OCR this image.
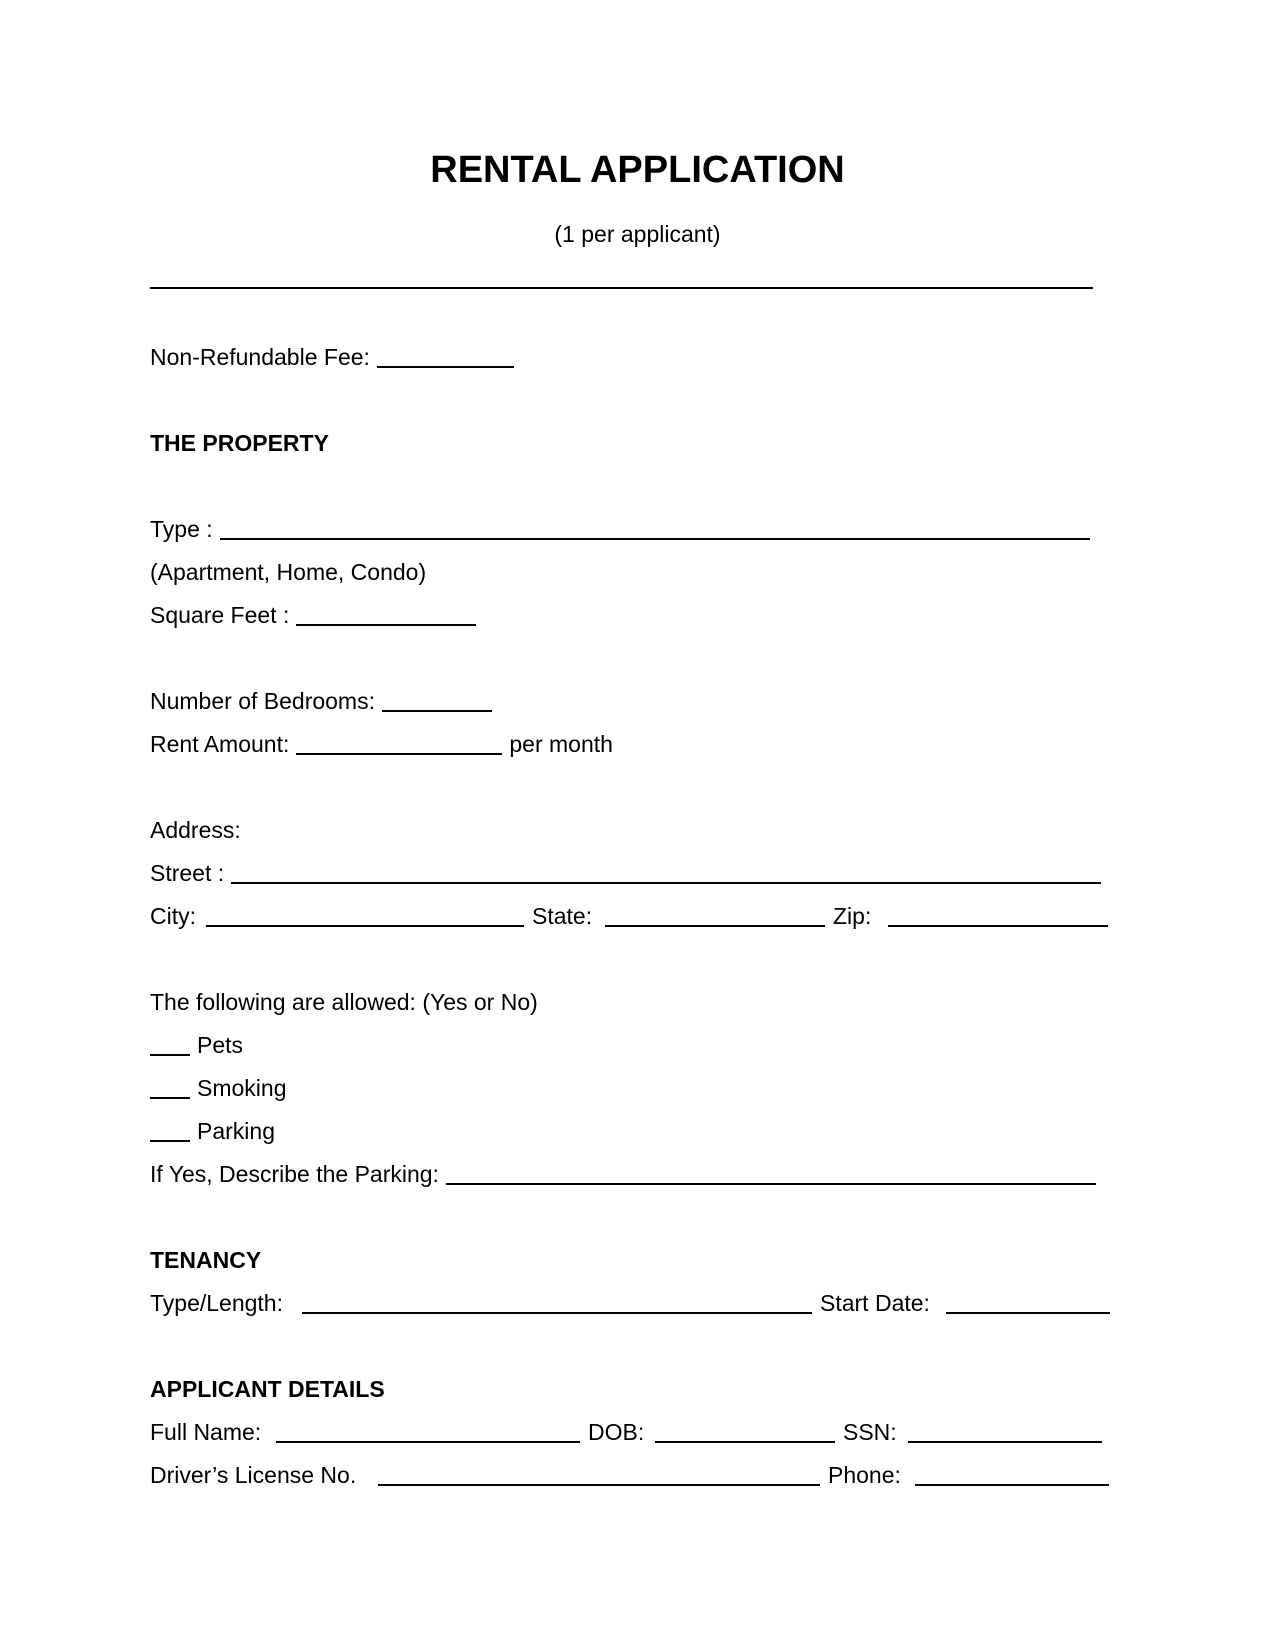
RENTAL APPLICATION
(1 per applicant)
Non-Refundable Fee:
THE PROPERTY
Type :
(Apartment, Home, Condo)
Square Feet :
Number of Bedrooms:
Rent Amount:	per month
Address:
Street :
City:	State:	Zip:
The following are allowed: (Yes or No)
Pets
Smoking
Parking
If Yes, Describe the Parking:
TENANCY
Type/Length:	Start Date:
APPLICANT DETAILS
Full Name:	DOB:	SSN:
Driver’s License No.	Phone:
